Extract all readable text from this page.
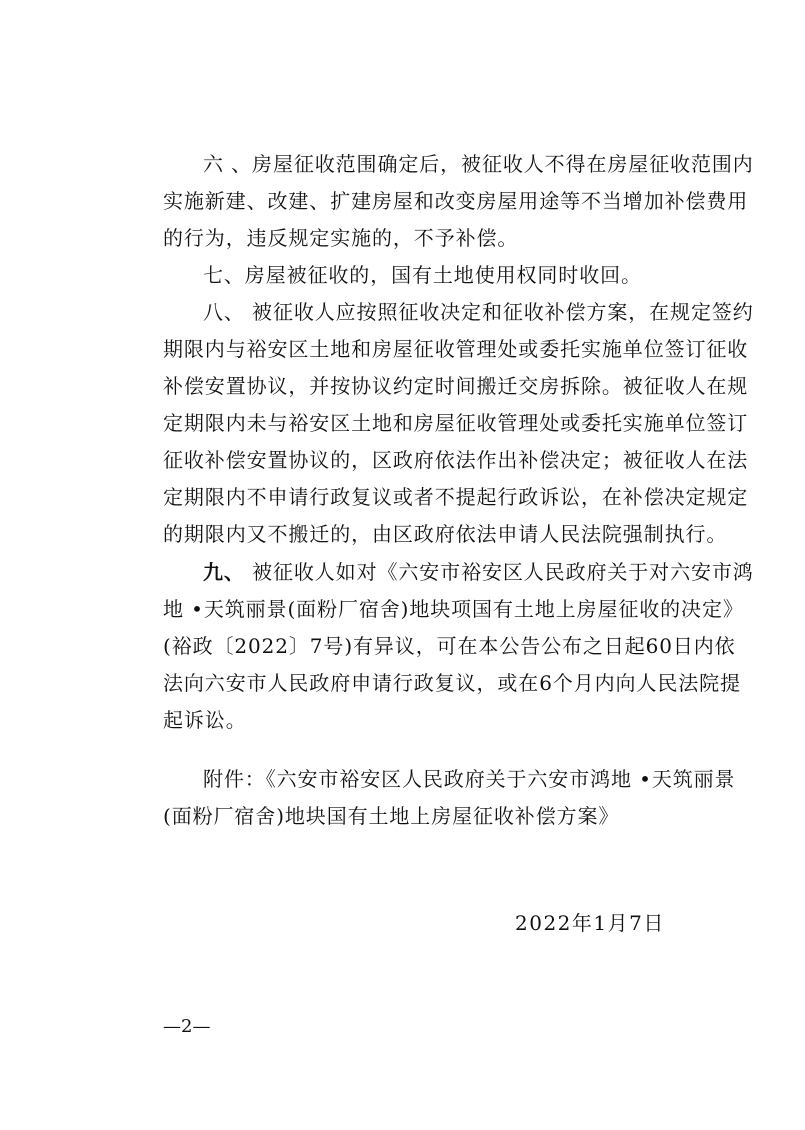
六 、房屋征收范围确定后，被征收人不得在房屋征收范围内
实施新建、改建、扩建房屋和改变房屋用途等不当增加补偿费用
的行为，违反规定实施的，不予补偿。
七、房屋被征收的，国有土地使用权同时收回。
八、 被征收人应按照征收决定和征收补偿方案，在规定签约
期限内与裕安区土地和房屋征收管理处或委托实施单位签订征收
补偿安置协议，并按协议约定时间搬迁交房拆除。被征收人在规
定期限内未与裕安区土地和房屋征收管理处或委托实施单位签订
征收补偿安置协议的，区政府依法作出补偿决定；被征收人在法
定期限内不申请行政复议或者不提起行政诉讼，在补偿决定规定
的期限内又不搬迁的，由区政府依法申请人民法院强制执行。
九、 被征收人如对《六安市裕安区人民政府关于对六安市鸿
地 •天筑丽景(面粉厂宿舍)地块项国有土地上房屋征收的决定》
(裕政〔2022〕7号)有异议，可在本公告公布之日起60日内依
法向六安市人民政府申请行政复议，或在6个月内向人民法院提
起诉讼。
附件：《六安市裕安区人民政府关于六安市鸿地 •天筑丽景
(面粉厂宿舍)地块国有土地上房屋征收补偿方案》
2022年1月7日
—2—
